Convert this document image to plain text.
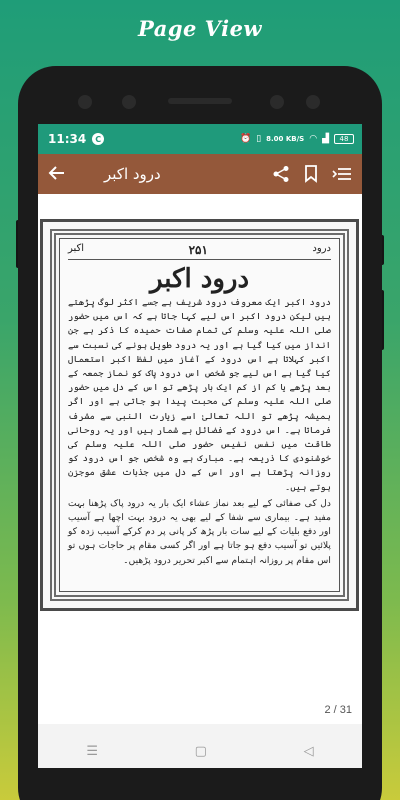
Page View
11:34	C	⏰ ▯ 8.00 KB/S ◠ ▟ 48
درود اکبر
درود
۲۵۱
اکبر
درود اکبر

درود اکبر ایک معروف درود شریف ہے جسے اکثر لوگ پڑھتے ہیں لیکن درود اکبر اس لیے کہا جاتا ہے کہ اس میں حضور صلی اللہ علیہ وسلم کی تمام صفات حمیدہ کا ذکر ہے جن انداز میں کیا گیا ہے اور یہ درود طویل ہونے کی نسبت سے اکبر کہلاتا ہے اس درود کے آغاز میں لفظ اکبر استعمال کیا گیا ہے اس لیے جو شخص اس درود پاک کو نماز جمعہ کے بعد پڑھے یا کم از کم ایک بار پڑھے تو اس کے دل میں حضور صلی اللہ علیہ وسلم کی محبت پیدا ہو جاتی ہے اور اگر ہمیشہ پڑھے تو اللہ تعالیٰ اسے زیارت النبی سے مشرف فرماتا ہے۔ اس درود کے فضائل بے شمار ہیں اور یہ روحانی طاقت میں نفس نفیس حضور صلی اللہ علیہ وسلم کی خوشنودی کا ذریعہ ہے۔ مبارک ہے وہ شخص جو اس درود کو روزانہ پڑھتا ہے اور اس کے دل میں جذبات عشق موجزن ہوتے ہیں۔

دل کی صفائی کے لیے بعد نماز عشاء ایک بار یہ درود پاک پڑھنا بہت مفید ہے۔ بیماری سے شفا کے لیے بھی یہ درود بہت اچھا ہے آسیب اور دفع بلیات کے لیے سات بار پڑھ کر پانی پر دم کرکے آسیب زدہ کو پلائیں تو آسیب دفع ہو جاتا ہے اور اگر کسی مقام پر حاجات ہوں تو اس مقام پر روزانہ اہتمام سے اکبر تحریر درود پڑھیں۔

2 / 31
☰	▢	◁
